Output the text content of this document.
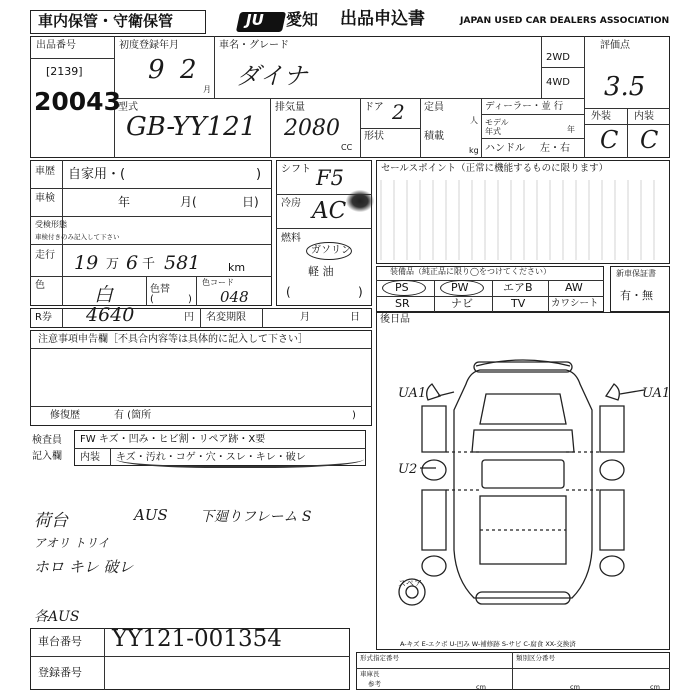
車内保管・守衛保管	JU 愛知 出品申込書	JAPAN USED CAR DEALERS ASSOCIATION
出品番号
[2139]
20043
初度登録年月
9 2
月
車名・グレード
ダイナ
2WD
4WD
評価点
3.5
外装 内装
C C
型式
GB-YY121
排気量
2080
CC
ドア 2
形状
定員
人
積載
kg
ディーラー・並 行
モデル 年式	年
ハンドル 左・右
車歴 自家用・(	)
車検	年	月(	日)
受検形態
車検付きのみ記入して下さい
走行 19 万 6 千 581	km
色	白	色替
(	)
色コード
048
シフト F5
冷房 AC
燃料
ガソリン
軽 油
(	)
セールスポイント（正常に機能するものに限ります）
装備品（純正品に限り◯をつけてください）
PS	PW	エアB	AW
SR	ナビ	TV	カワシート
新車保証書
有・無
R券 4640	円 名変期限	月	日 後日品
注意事項申告欄［不具合内容等は具体的に記入して下さい］
修復歴	有 (箇所	)
検査員
記入欄
FW キズ・凹み・ヒビ割・リペア跡・X要
内装 キズ・汚れ・コゲ・穴・スレ・キレ・破レ
荷台	AUS 下廻りフレーム S
アオリ トリイ
ホロ キレ 破レ
各AUS
UA1	UA1
U2
スペア
A-キズ E-エクボ U-凹み W-補修跡 S-サビ C-腐食 XX-交換済
車台番号 YY121-001354
登録番号
形式指定番号	類別区分番号
車庫長
参考	cm	cm	cm
